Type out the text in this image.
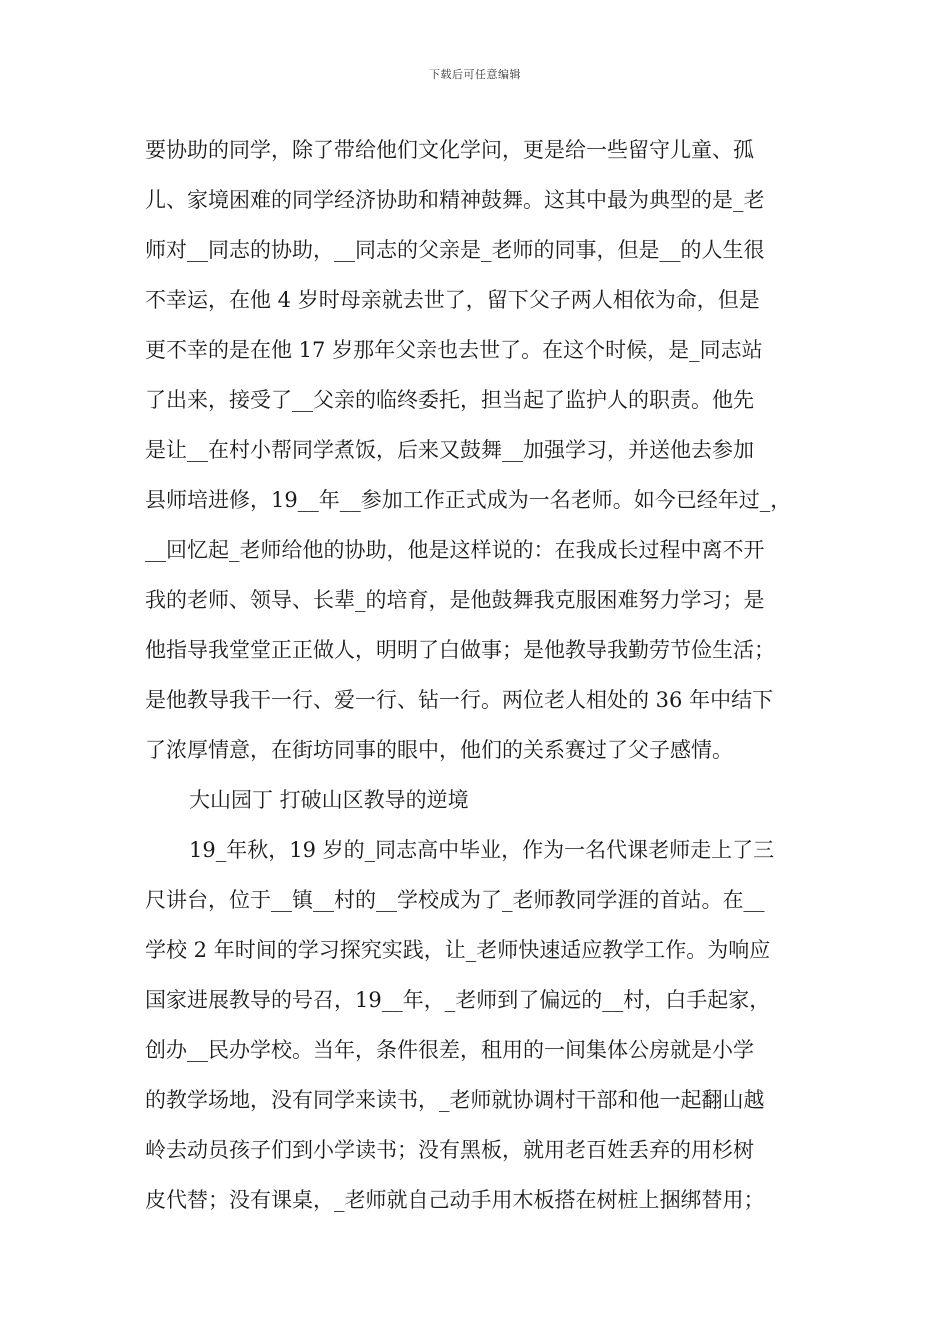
下载后可任意编辑
要协助的同学，除了带给他们文化学问，更是给一些留守儿童、孤
儿、家境困难的同学经济协助和精神鼓舞。这其中最为典型的是_老
师对__同志的协助，__同志的父亲是_老师的同事，但是__的人生很
不幸运，在他 4 岁时母亲就去世了，留下父子两人相依为命，但是
更不幸的是在他 17 岁那年父亲也去世了。在这个时候，是_同志站
了出来，接受了__父亲的临终委托，担当起了监护人的职责。他先
是让__在村小帮同学煮饭，后来又鼓舞__加强学习，并送他去参加
县师培进修，19__年__参加工作正式成为一名老师。如今已经年过_，
__回忆起_老师给他的协助，他是这样说的：在我成长过程中离不开
我的老师、领导、长辈_的培育，是他鼓舞我克服困难努力学习；是
他指导我堂堂正正做人，明明了白做事；是他教导我勤劳节俭生活；
是他教导我干一行、爱一行、钻一行。两位老人相处的 36 年中结下
了浓厚情意，在街坊同事的眼中，他们的关系赛过了父子感情。
大山园丁 打破山区教导的逆境
19_年秋，19 岁的_同志高中毕业，作为一名代课老师走上了三
尺讲台，位于__镇__村的__学校成为了_老师教同学涯的首站。在__
学校 2 年时间的学习探究实践，让_老师快速适应教学工作。为响应
国家进展教导的号召，19__年，_老师到了偏远的__村，白手起家，
创办__民办学校。当年，条件很差，租用的一间集体公房就是小学
的教学场地，没有同学来读书，_老师就协调村干部和他一起翻山越
岭去动员孩子们到小学读书；没有黑板，就用老百姓丢弃的用杉树
皮代替；没有课桌，_老师就自己动手用木板搭在树桩上捆绑替用；
